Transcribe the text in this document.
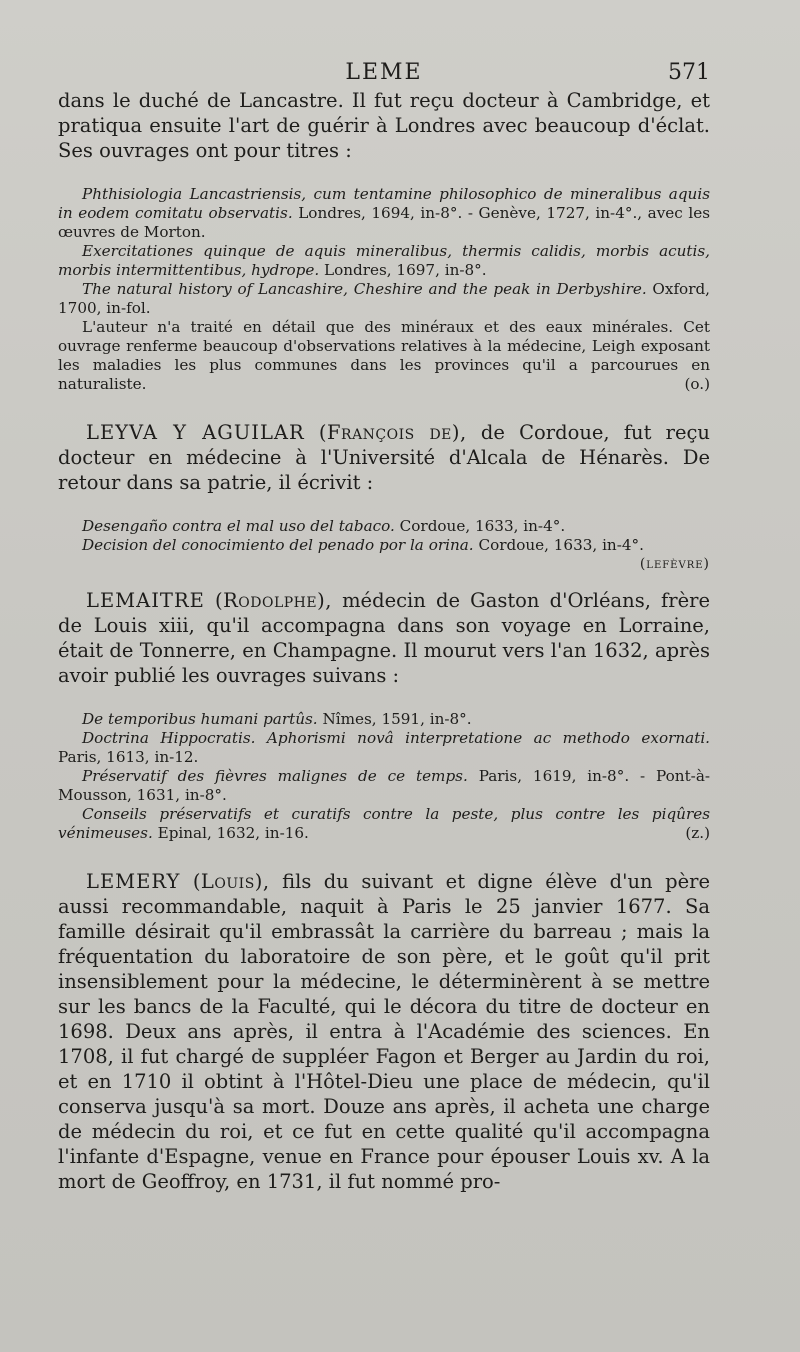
LEME	571

dans le duché de Lancastre. Il fut reçu docteur à Cambridge, et pratiqua ensuite l'art de guérir à Londres avec beaucoup d'éclat. Ses ouvrages ont pour titres :

Phthisiologia Lancastriensis, cum tentamine philosophico de mineralibus aquis in eodem comitatu observatis. Londres, 1694, in-8°. - Genève, 1727, in-4°., avec les œuvres de Morton.

Exercitationes quinque de aquis mineralibus, thermis calidis, morbis acutis, morbis intermittentibus, hydrope. Londres, 1697, in-8°.

The natural history of Lancashire, Cheshire and the peak in Derbyshire. Oxford, 1700, in-fol.

L'auteur n'a traité en détail que des minéraux et des eaux minérales. Cet ouvrage renferme beaucoup d'observations relatives à la médecine, Leigh exposant les maladies les plus communes dans les provinces qu'il a parcourues en naturaliste.	(o.)

LEYVA Y AGUILAR (François de), de Cordoue, fut reçu docteur en médecine à l'Université d'Alcala de Hénarès. De retour dans sa patrie, il écrivit :

Desengaño contra el mal uso del tabaco. Cordoue, 1633, in-4°.

Decision del conocimiento del penado por la orina. Cordoue, 1633, in-4°.
(lefèvre)

LEMAITRE (Rodolphe), médecin de Gaston d'Orléans, frère de Louis xiii, qu'il accompagna dans son voyage en Lorraine, était de Tonnerre, en Champagne. Il mourut vers l'an 1632, après avoir publié les ouvrages suivans :

De temporibus humani partûs. Nîmes, 1591, in-8°.

Doctrina Hippocratis. Aphorismi novâ interpretatione ac methodo exornati. Paris, 1613, in-12.

Préservatif des fièvres malignes de ce temps. Paris, 1619, in-8°. - Pont-à-Mousson, 1631, in-8°.

Conseils préservatifs et curatifs contre la peste, plus contre les piqûres vénimeuses. Epinal, 1632, in-16.	(z.)

LEMERY (Louis), fils du suivant et digne élève d'un père aussi recommandable, naquit à Paris le 25 janvier 1677. Sa famille désirait qu'il embrassât la carrière du barreau ; mais la fréquentation du laboratoire de son père, et le goût qu'il prit insensiblement pour la médecine, le déterminèrent à se mettre sur les bancs de la Faculté, qui le décora du titre de docteur en 1698. Deux ans après, il entra à l'Académie des sciences. En 1708, il fut chargé de suppléer Fagon et Berger au Jardin du roi, et en 1710 il obtint à l'Hôtel-Dieu une place de médecin, qu'il conserva jusqu'à sa mort. Douze ans après, il acheta une charge de médecin du roi, et ce fut en cette qualité qu'il accompagna l'infante d'Espagne, venue en France pour épouser Louis xv. A la mort de Geoffroy, en 1731, il fut nommé pro-
